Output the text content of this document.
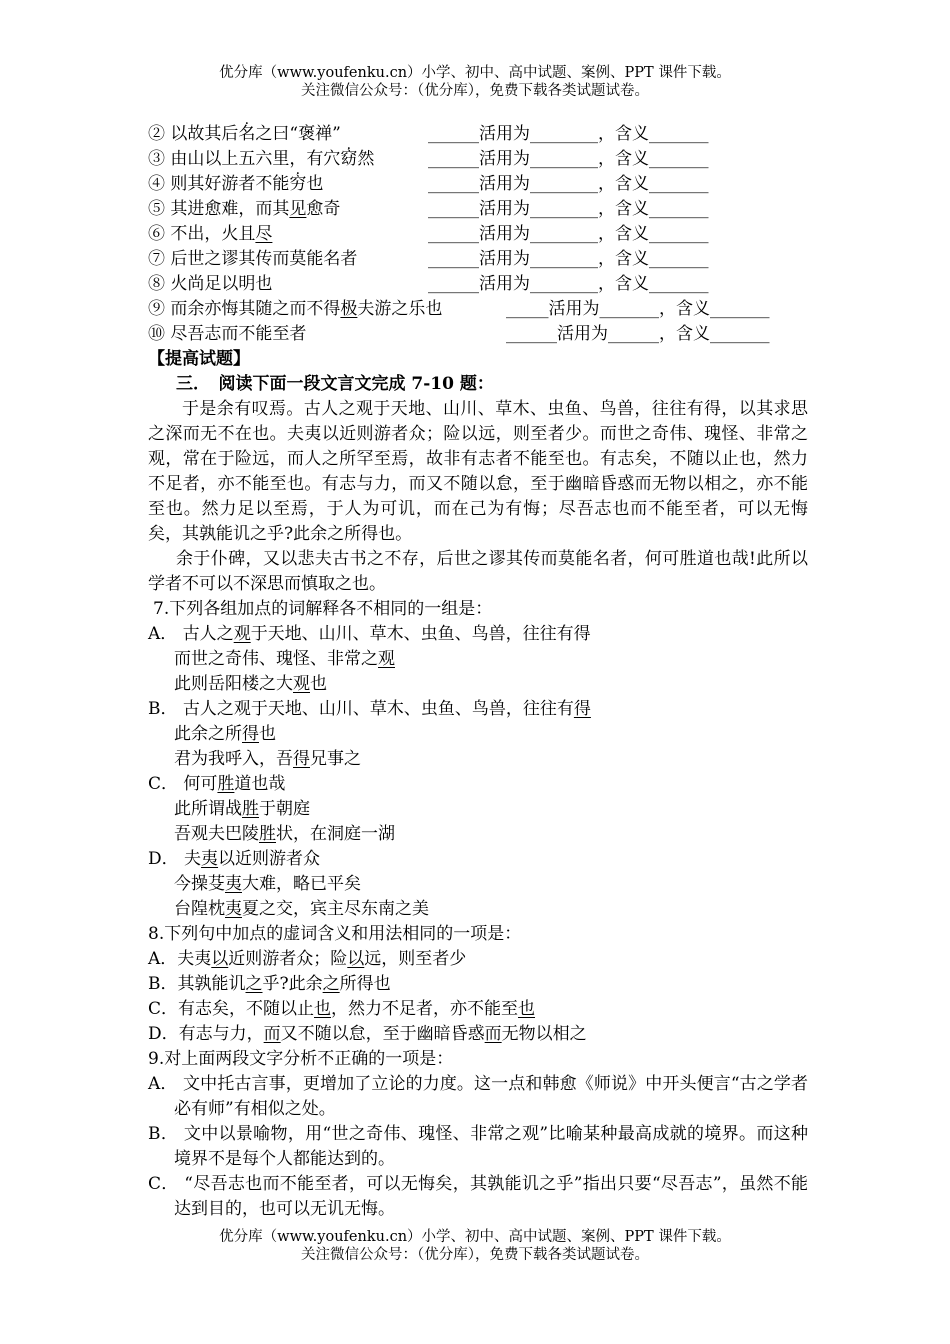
优分库（www.youfenku.cn）小学、初中、高中试题、案例、PPT 课件下载。
关注微信公众号：（优分库），免费下载各类试题试卷。
② 以故其后名之曰“褒禅”	______活用为________，含义_______
③ 由山以上五六里，有穴窈然	______活用为________，含义_______
④ 则其好游者不能穷也	______活用为________，含义_______
⑤ 其进愈难，而其见愈奇	______活用为________，含义_______
⑥ 不出，火且尽	______活用为________，含义_______
⑦ 后世之谬其传而莫能名者	______活用为________，含义_______
⑧ 火尚足以明也	______活用为________，含义_______
⑨ 而余亦悔其随之而不得极夫游之乐也	_____活用为_______，含义_______
⑩ 尽吾志而不能至者	______活用为______，含义_______
【提高试题】
三．　阅读下面一段文言文完成 7-10 题：
于是余有叹焉。古人之观于天地、山川、草木、虫鱼、鸟兽，往往有得，以其求思之深而无不在也。夫夷以近则游者众；险以远，则至者少。而世之奇伟、瑰怪、非常之观，常在于险远，而人之所罕至焉，故非有志者不能至也。有志矣，不随以止也，然力不足者，亦不能至也。有志与力，而又不随以怠，至于幽暗昏惑而无物以相之，亦不能至也。然力足以至焉，于人为可讥，而在己为有悔；尽吾志也而不能至者，可以无悔矣，其孰能讥之乎?此余之所得也。
余于仆碑，又以悲夫古书之不存，后世之谬其传而莫能名者，何可胜道也哉!此所以学者不可以不深思而慎取之也。
7.下列各组加点的词解释各不相同的一组是：
A． 古人之观于天地、山川、草木、虫鱼、鸟兽，往往有得
而世之奇伟、瑰怪、非常之观
此则岳阳楼之大观也
B． 古人之观于天地、山川、草木、虫鱼、鸟兽，往往有得
此余之所得也
君为我呼入，吾得兄事之
C． 何可胜道也哉
此所谓战胜于朝庭
吾观夫巴陵胜状，在洞庭一湖
D． 夫夷以近则游者众
今操芟夷大难，略已平矣
台隍枕夷夏之交，宾主尽东南之美
8.下列句中加点的虚词含义和用法相同的一项是：
A．夫夷以近则游者众；险以远，则至者少
B．其孰能讥之乎?此余之所得也
C．有志矣，不随以止也，然力不足者，亦不能至也
D．有志与力，而又不随以怠，至于幽暗昏惑而无物以相之
9.对上面两段文字分析不正确的一项是：
A． 文中托古言事，更增加了立论的力度。这一点和韩愈《师说》中开头便言“古之学者必有师”有相似之处。
B． 文中以景喻物，用“世之奇伟、瑰怪、非常之观”比喻某种最高成就的境界。而这种境界不是每个人都能达到的。
C． “尽吾志也而不能至者，可以无悔矣，其孰能讥之乎”指出只要“尽吾志”，虽然不能达到目的，也可以无讥无悔。
优分库（www.youfenku.cn）小学、初中、高中试题、案例、PPT 课件下载。
关注微信公众号：（优分库），免费下载各类试题试卷。
